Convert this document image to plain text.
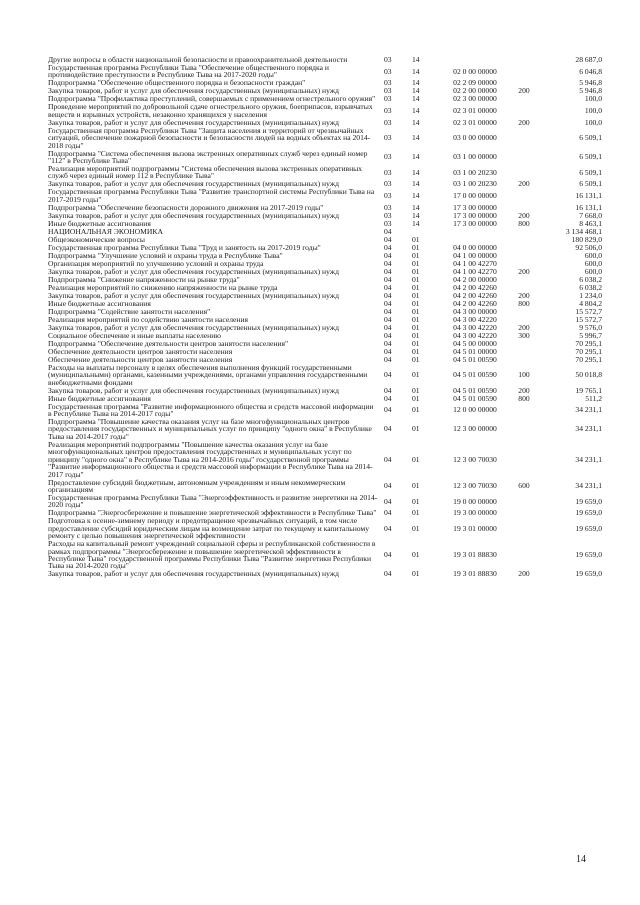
Другие вопросы в области национальной безопасности и правоохранительной деятельности	03	14			28 687,0
Государственная программа Республики Тыва "Обеспечение общественного порядка и противодействие преступности в Республике Тыва на 2017-2020 годы"	03	14	02 0 00 00000		6 046,8
Подпрограмма "Обеспечение общественного порядка и безопасности граждан"	03	14	02 2 09 00000		5 946,8
Закупка товаров, работ и услуг для обеспечения государственных (муниципальных) нужд	03	14	02 2 00 00000	200	5 946,8
Подпрограмма "Профилактика преступлений, совершаемых с применением огнестрельного оружия"	03	14	02 3 00 00000		100,0
Проведение мероприятий по добровольной сдаче огнестрельного оружия, боеприпасов, взрывчатых веществ и взрывных устройств, незаконно хранящихся у населения	03	14	02 3 01 00000		100,0
Закупка товаров, работ и услуг для обеспечения государственных (муниципальных) нужд	03	14	02 3 01 00000	200	100,0
Государственная программа Республики Тыва "Защита населения и территорий от чрезвычайных ситуаций, обеспечение пожарной безопасности и безопасности людей на водных объектах на 2014-2018 годы"	03	14	03 0 00 00000		6 509,1
Подпрограмма "Система обеспечения вызова экстренных оперативных служб через единый номер "112" в Республике Тыва"	03	14	03 1 00 00000		6 509,1
Реализация мероприятий подпрограммы "Система обеспечения вызова экстренных оперативных служб через единый номер 112 в Республике Тыва"	03	14	03 1 00 20230		6 509,1
Закупка товаров, работ и услуг для обеспечения государственных (муниципальных) нужд	03	14	03 1 00 20230	200	6 509,1
Государственная программа Республики Тыва "Развитие транспортной системы Республики Тыва на 2017-2019 годы"	03	14	17 0 00 00000		16 131,1
Подпрограмма "Обеспечение безопасности дорожного движения на 2017-2019 годы"	03	14	17 3 00 00000		16 131,1
Закупка товаров, работ и услуг для обеспечения государственных (муниципальных) нужд	03	14	17 3 00 00000	200	7 668,0
Иные бюджетные ассигнования	03	14	17 3 00 00000	800	8 463,1
НАЦИОНАЛЬНАЯ ЭКОНОМИКА	04				3 134 468,1
Общеэкономические вопросы	04	01			180 829,0
Государственная программа Республики Тыва "Труд и занятость на 2017-2019 годы"	04	01	04 0 00 00000		92 506,0
Подпрограмма "Улучшение условий и охраны труда в Республике Тыва"	04	01	04 1 00 00000		600,0
Организация мероприятий по улучшению условий и охраны труда	04	01	04 1 00 42270		600,0
Закупка товаров, работ и услуг для обеспечения государственных (муниципальных) нужд	04	01	04 1 00 42270	200	600,0
Подпрограмма "Снижение напряженности на рынке труда"	04	01	04 2 00 00000		6 038,2
Реализация мероприятий по снижению напряженности на рынке труда	04	01	04 2 00 42260		6 038,2
Закупка товаров, работ и услуг для обеспечения государственных (муниципальных) нужд	04	01	04 2 00 42260	200	1 234,0
Иные бюджетные ассигнования	04	01	04 2 00 42260	800	4 804,2
Подпрограмма "Содействие занятости населения"	04	01	04 3 00 00000		15 572,7
Реализация мероприятий по содействию занятости населения	04	01	04 3 00 42220		15 572,7
Закупка товаров, работ и услуг для обеспечения государственных (муниципальных) нужд	04	01	04 3 00 42220	200	9 576,0
Социальное обеспечение и иные выплаты населению	04	01	04 3 00 42220	300	5 996,7
Подпрограмма "Обеспечение деятельности центров занятости населения"	04	01	04 5 00 00000		70 295,1
Обеспечение деятельности центров занятости населения	04	01	04 5 01 00000		70 295,1
Обеспечение деятельности центров занятости населения	04	01	04 5 01 00590		70 295,1
Расходы на выплаты персоналу в целях обеспечения выполнения функций государственными (муниципальными) органами, казенными учреждениями, органами управления государственными внебюджетными фондами	04	01	04 5 01 00590	100	50 018,8
Закупка товаров, работ и услуг для обеспечения государственных (муниципальных) нужд	04	01	04 5 01 00590	200	19 765,1
Иные бюджетные ассигнования	04	01	04 5 01 00590	800	511,2
Государственная программа "Развитие информационного общества и средств массовой информации в Республике Тыва на 2014-2017 годы"	04	01	12 0 00 00000		34 231,1
Подпрограмма "Повышение качества оказания услуг на базе многофункциональных центров предоставления государственных и муниципальных услуг по принципу "одного окна" в Республике Тыва на 2014-2017 годы"	04	01	12 3 00 00000		34 231,1
Реализация мероприятий подпрограммы "Повышение качества оказания услуг на базе многофункциональных центров предоставления государственных и муниципальных услуг по принципу "одного окна" в Республике Тыва на 2014-2016 годы" государственной программы "Развитие информационного общества и средств массовой информации в Республике Тыва на 2014-2017 годы"	04	01	12 3 00 70030		34 231,1
Предоставление субсидий бюджетным, автономным учреждениям и иным некоммерческим организациям	04	01	12 3 00 70030	600	34 231,1
Государственная программа Республики Тыва "Энергоэффективность и развитие энергетики на 2014-2020 годы"	04	01	19 0 00 00000		19 659,0
Подпрограмма "Энергосбережение и повышение энергетической эффективности в Республике Тыва"	04	01	19 3 00 00000		19 659,0
Подготовка к осенне-зимнему периоду и предотвращение чрезвычайных ситуаций, в том числе предоставление субсидий юридическим лицам на возмещение затрат по текущему и капитальному ремонту с целью повышения энергетической эффективности	04	01	19 3 01 00000		19 659,0
Расходы на капитальный ремонт учреждений социальной сферы и республиканской собственности в рамках подпрограммы "Энергосбережение и повышение энергетической эффективности в Республике Тыва" государственной программы Республики Тыва "Развитие энергетики Республики Тыва на 2014-2020 годы"	04	01	19 3 01 88830		19 659,0
Закупка товаров, работ и услуг для обеспечения государственных (муниципальных) нужд	04	01	19 3 01 88830	200	19 659,0
14
